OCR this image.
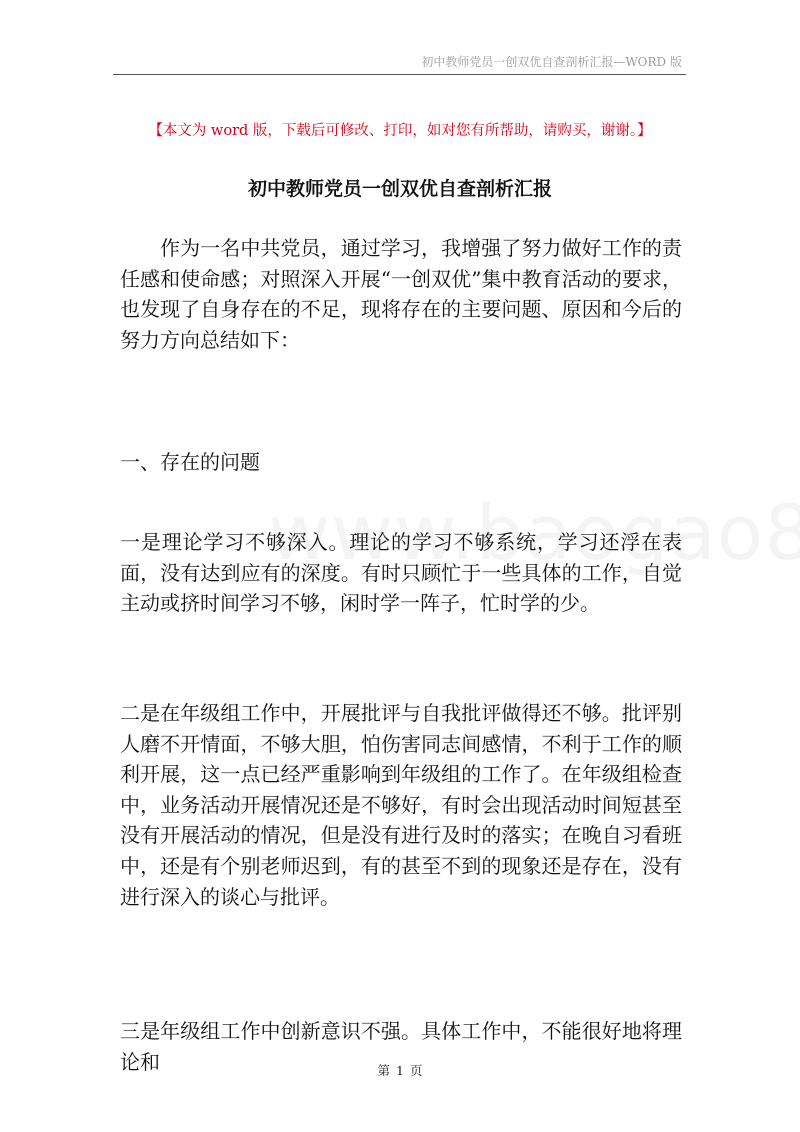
初中教师党员一创双优自查剖析汇报—WORD 版
【本文为 word 版，下载后可修改、打印，如对您有所帮助，请购买，谢谢。】
初中教师党员一创双优自查剖析汇报
作为一名中共党员，通过学习，我增强了努力做好工作的责任感和使命感；对照深入开展“一创双优”集中教育活动的要求，也发现了自身存在的不足，现将存在的主要问题、原因和今后的努力方向总结如下：
一、存在的问题
一是理论学习不够深入。理论的学习不够系统，学习还浮在表面，没有达到应有的深度。有时只顾忙于一些具体的工作，自觉主动或挤时间学习不够，闲时学一阵子，忙时学的少。
二是在年级组工作中，开展批评与自我批评做得还不够。批评别人磨不开情面，不够大胆，怕伤害同志间感情，不利于工作的顺利开展，这一点已经严重影响到年级组的工作了。在年级组检查中，业务活动开展情况还是不够好，有时会出现活动时间短甚至没有开展活动的情况，但是没有进行及时的落实；在晚自习看班中，还是有个别老师迟到，有的甚至不到的现象还是存在，没有进行深入的谈心与批评。
三是年级组工作中创新意识不强。具体工作中，不能很好地将理论和	第 1 页
